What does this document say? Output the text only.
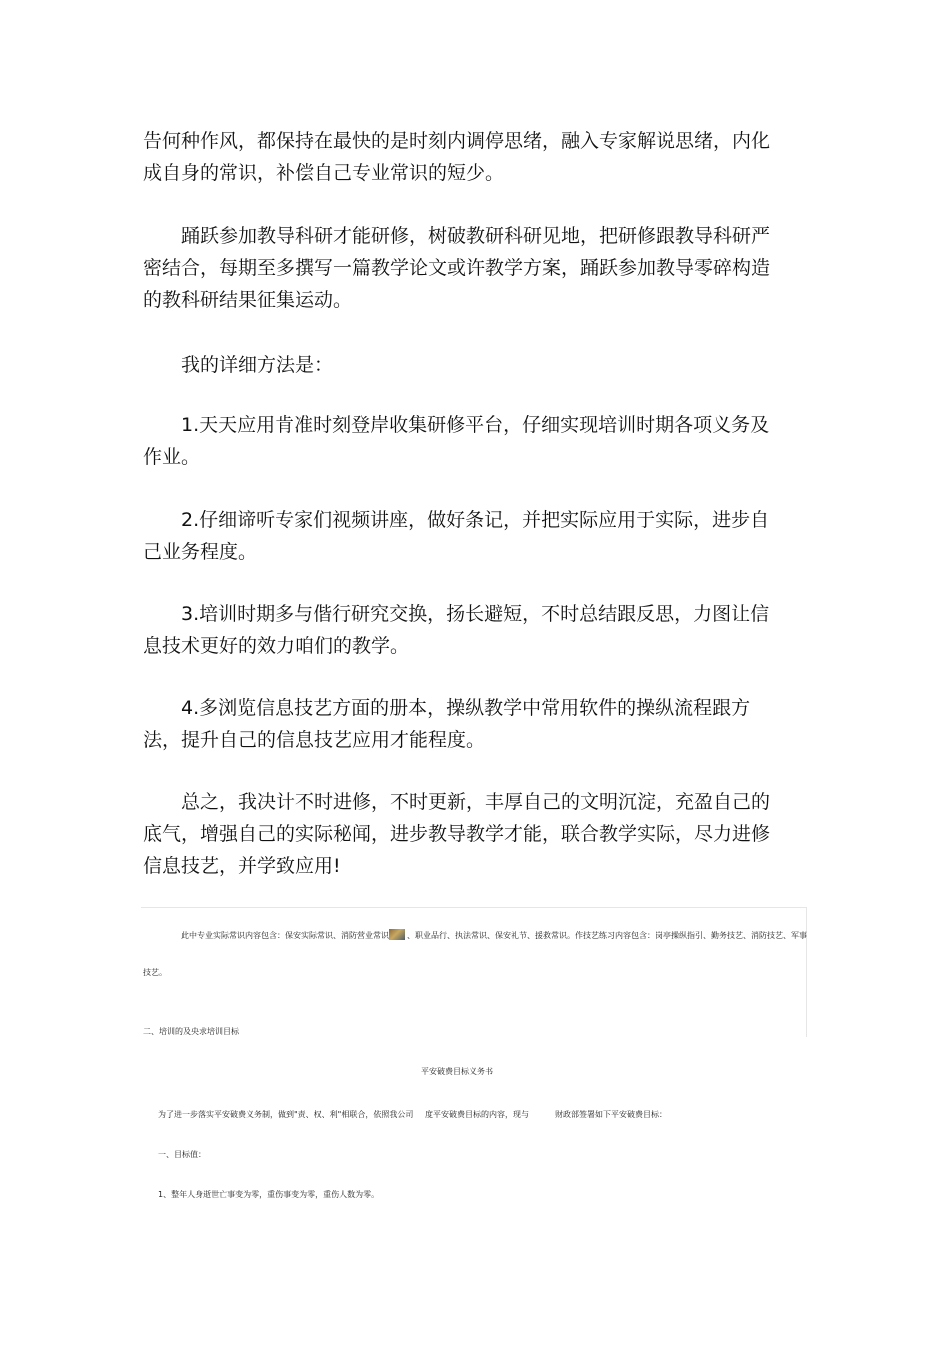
告何种作风，都保持在最快的是时刻内调停思绪，融入专家解说思绪，内化成自身的常识，补偿自己专业常识的短少。

踊跃参加教导科研才能研修，树破教研科研见地，把研修跟教导科研严密结合，每期至多撰写一篇教学论文或许教学方案，踊跃参加教导零碎构造的教科研结果征集运动。

我的详细方法是：

1.天天应用肯准时刻登岸收集研修平台，仔细实现培训时期各项义务及作业。

2.仔细谛听专家们视频讲座，做好条记，并把实际应用于实际，进步自己业务程度。

3.培训时期多与偕行研究交换，扬长避短，不时总结跟反思，力图让信息技术更好的效力咱们的教学。

4.多浏览信息技艺方面的册本，操纵教学中常用软件的操纵流程跟方法，提升自己的信息技艺应用才能程度。

总之，我决计不时进修，不时更新，丰厚自己的文明沉淀，充盈自己的底气，增强自己的实际秘闻，进步教导教学才能，联合教学实际，尽力进修信息技艺，并学致应用!

此中专业实际常识内容包含：保安实际常识、消防营业常识 、职业品行、执法常识、保安礼节、援救常识。作技艺练习内容包含：岗亭操纵指引、勤务技艺、消防技艺、军事

技艺。

二、培训的及央求培训目标

平安破费目标义务书

为了进一步落实平安破费义务制，做到"责、权、利"相联合，依照我公司 度平安破费目标的内容，现与	财政部签署如下平安破费目标：

一、目标值：

1、整年人身逝世亡事变为零，重伤事变为零，重伤人数为零。
